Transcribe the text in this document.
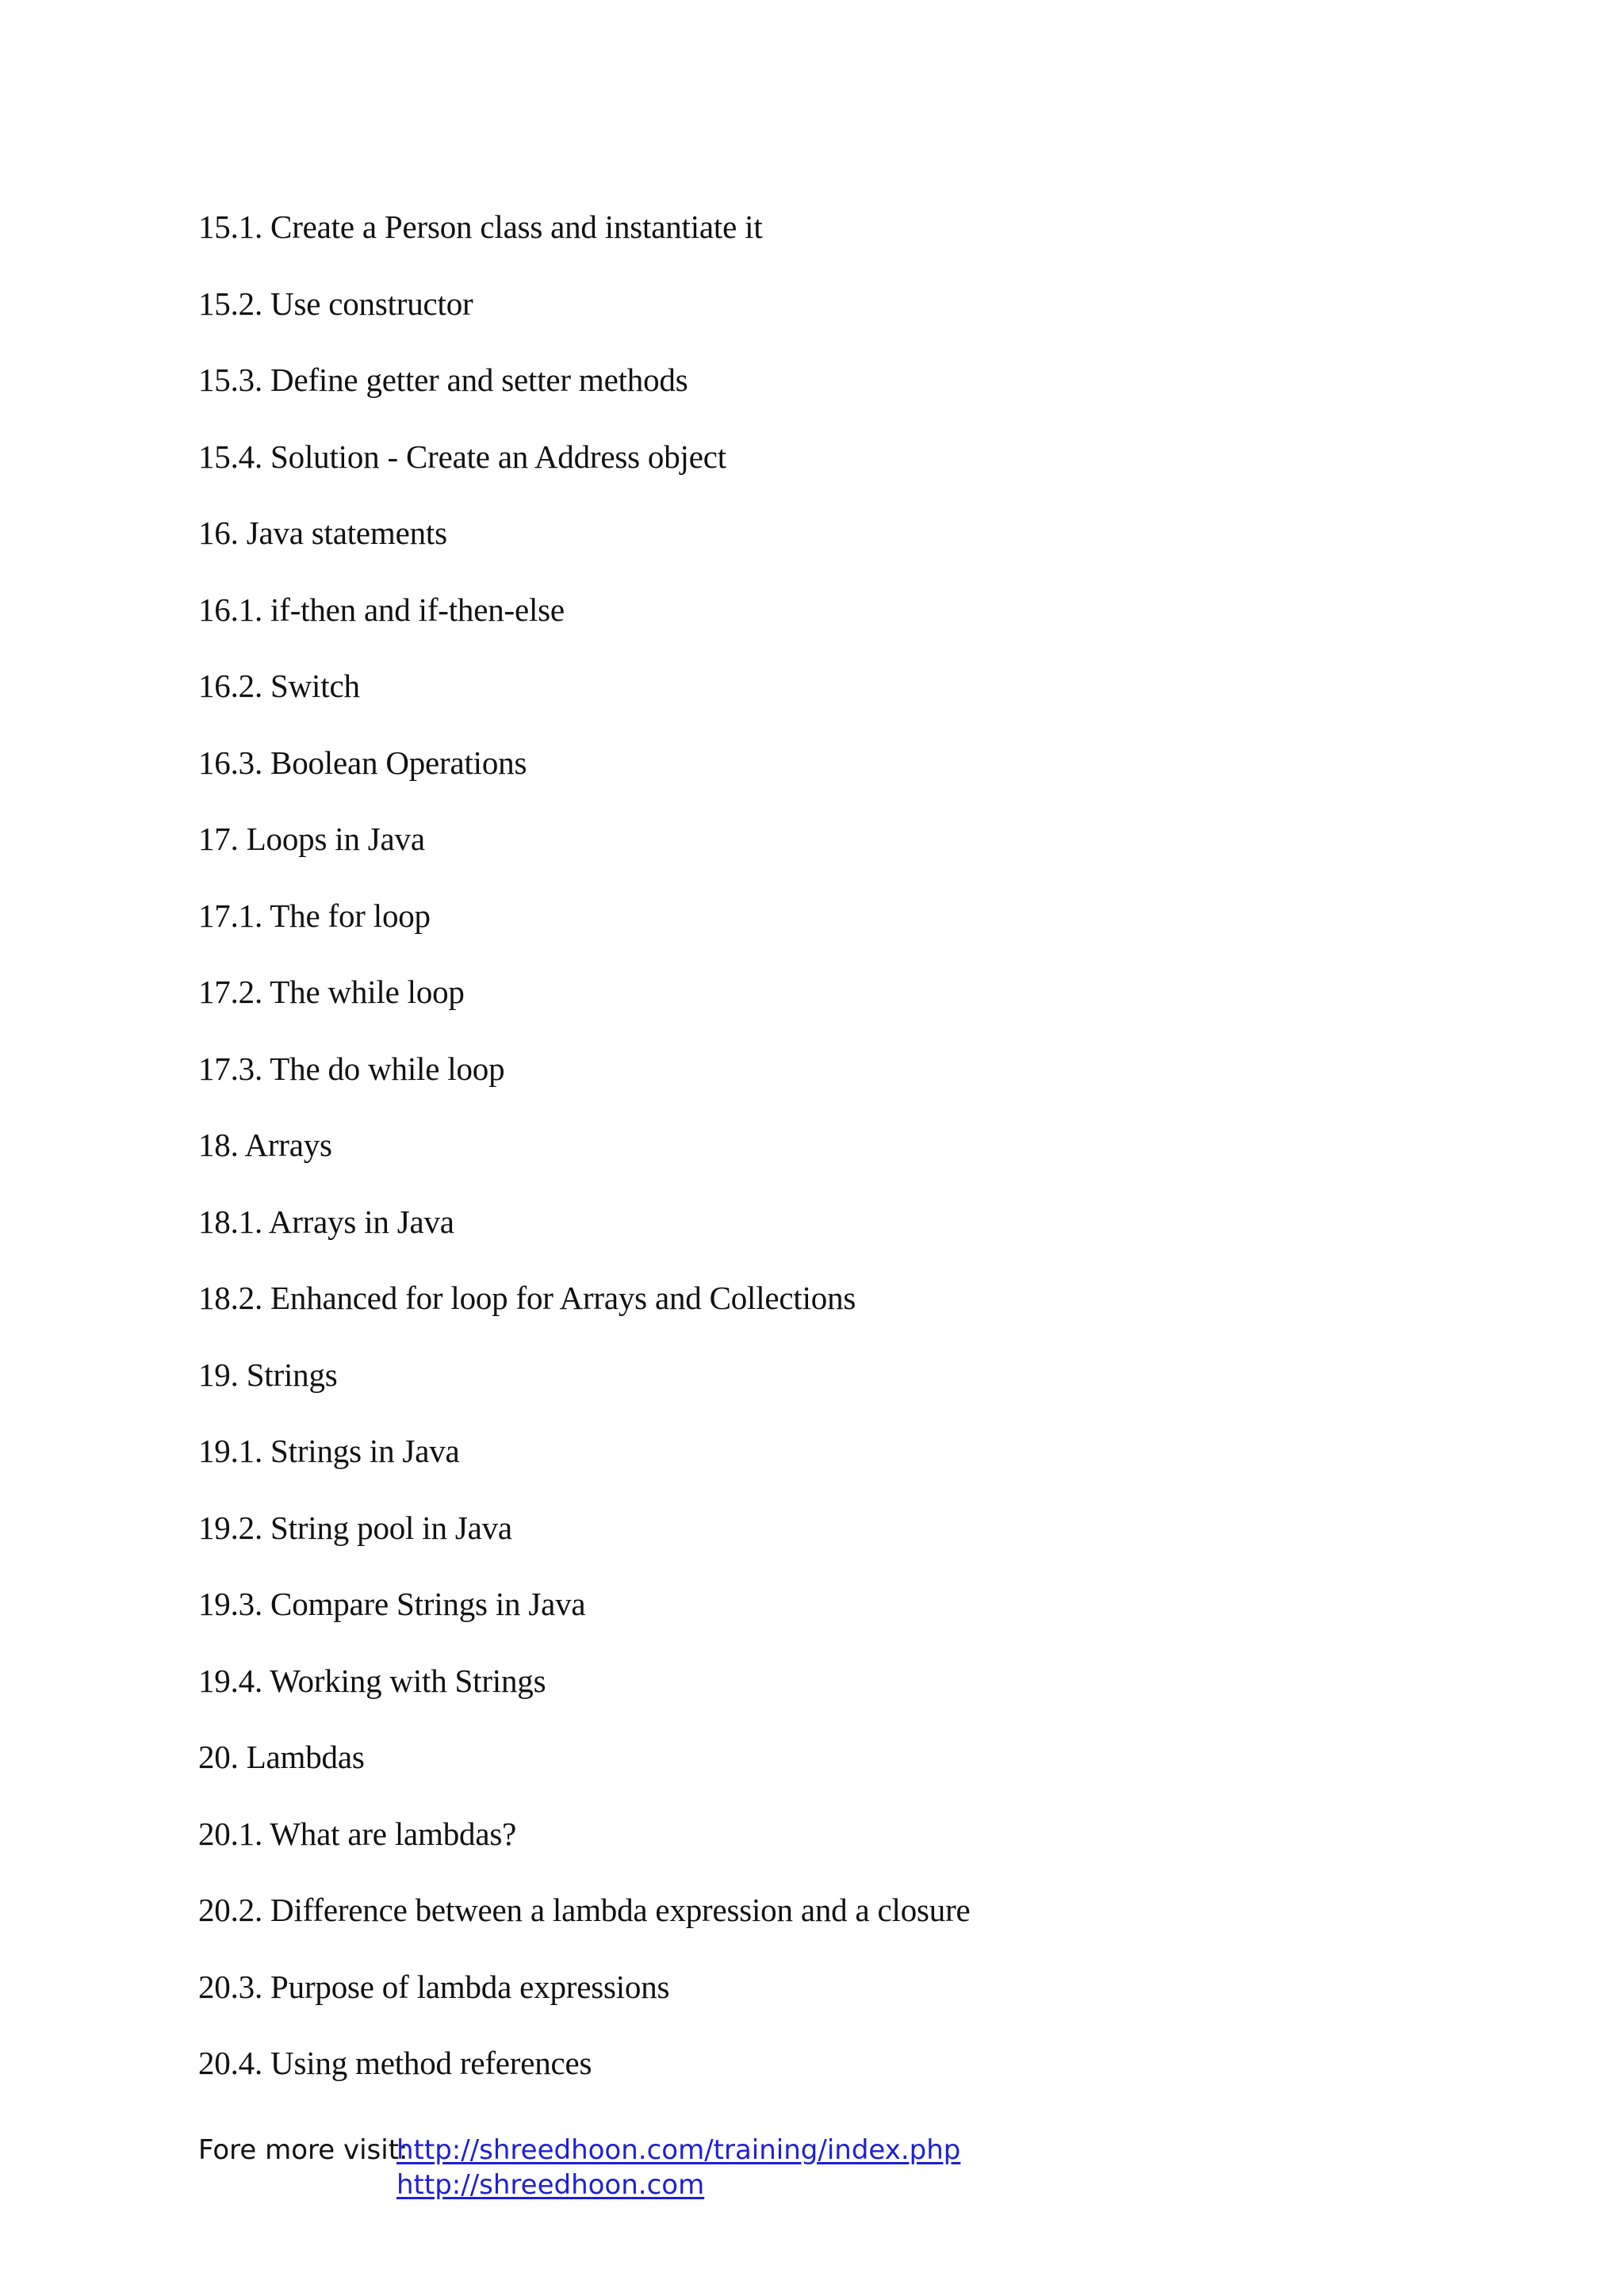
15.1. Create a Person class and instantiate it
15.2. Use constructor
15.3. Define getter and setter methods
15.4. Solution - Create an Address object
16. Java statements
16.1. if-then and if-then-else
16.2. Switch
16.3. Boolean Operations
17. Loops in Java
17.1. The for loop
17.2. The while loop
17.3. The do while loop
18. Arrays
18.1. Arrays in Java
18.2. Enhanced for loop for Arrays and Collections
19. Strings
19.1. Strings in Java
19.2. String pool in Java
19.3. Compare Strings in Java
19.4. Working with Strings
20. Lambdas
20.1. What are lambdas?
20.2. Difference between a lambda expression and a closure
20.3. Purpose of lambda expressions
20.4. Using method references
Fore more visit:
http://shreedhoon.com/training/index.php
http://shreedhoon.com
